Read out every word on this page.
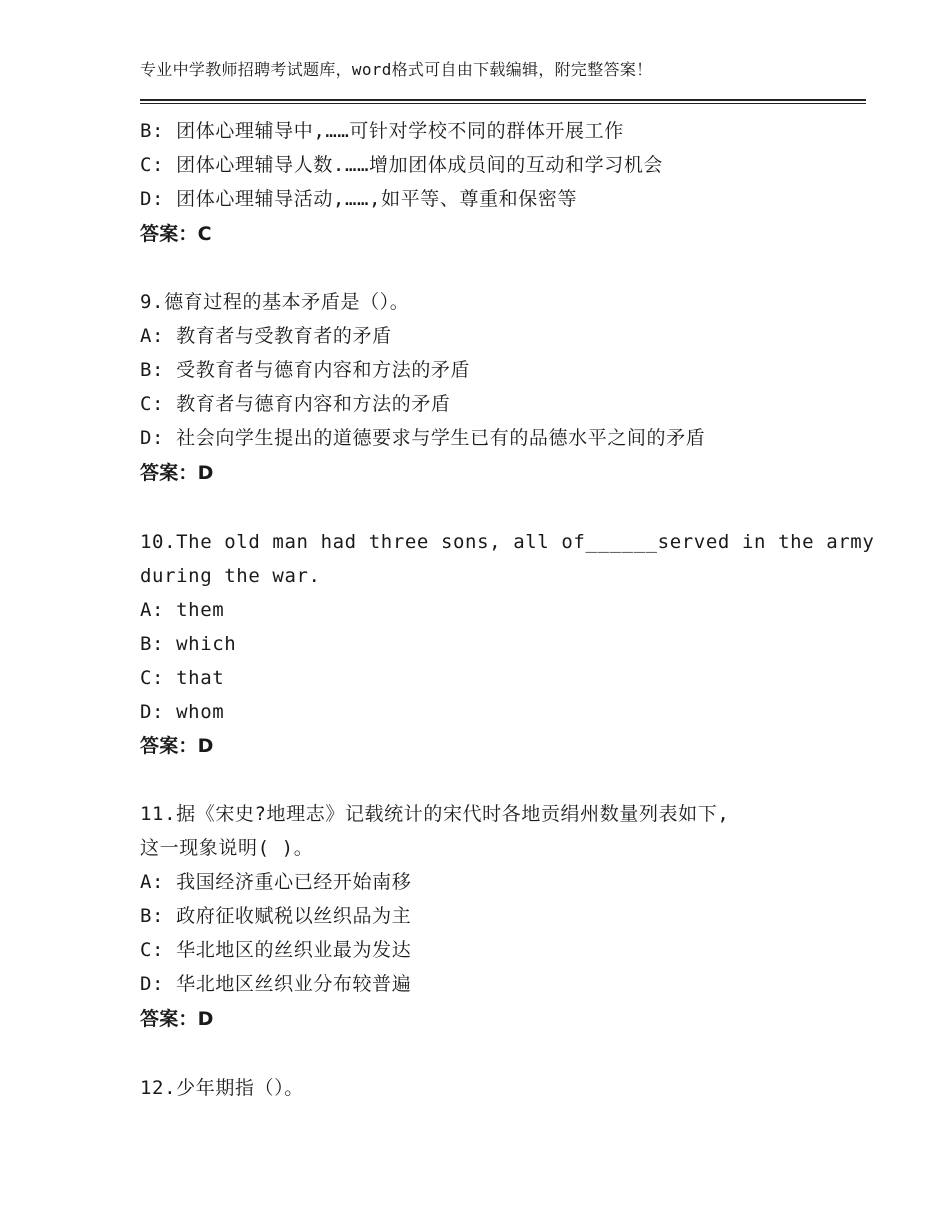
专业中学教师招聘考试题库，word格式可自由下载编辑，附完整答案！
B: 团体心理辅导中,……可针对学校不同的群体开展工作
C: 团体心理辅导人数.……增加团体成员间的互动和学习机会
D: 团体心理辅导活动,……,如平等、尊重和保密等
答案：C
9.德育过程的基本矛盾是（）。
A: 教育者与受教育者的矛盾
B: 受教育者与德育内容和方法的矛盾
C: 教育者与德育内容和方法的矛盾
D: 社会向学生提出的道德要求与学生已有的品德水平之间的矛盾
答案：D
10.The old man had three sons, all of______served in the army
during the war.
A: them
B: which
C: that
D: whom
答案：D
11.据《宋史?地理志》记载统计的宋代时各地贡绢州数量列表如下,
这一现象说明( )。
A: 我国经济重心已经开始南移
B: 政府征收赋税以丝织品为主
C: 华北地区的丝织业最为发达
D: 华北地区丝织业分布较普遍
答案：D
12.少年期指（）。
